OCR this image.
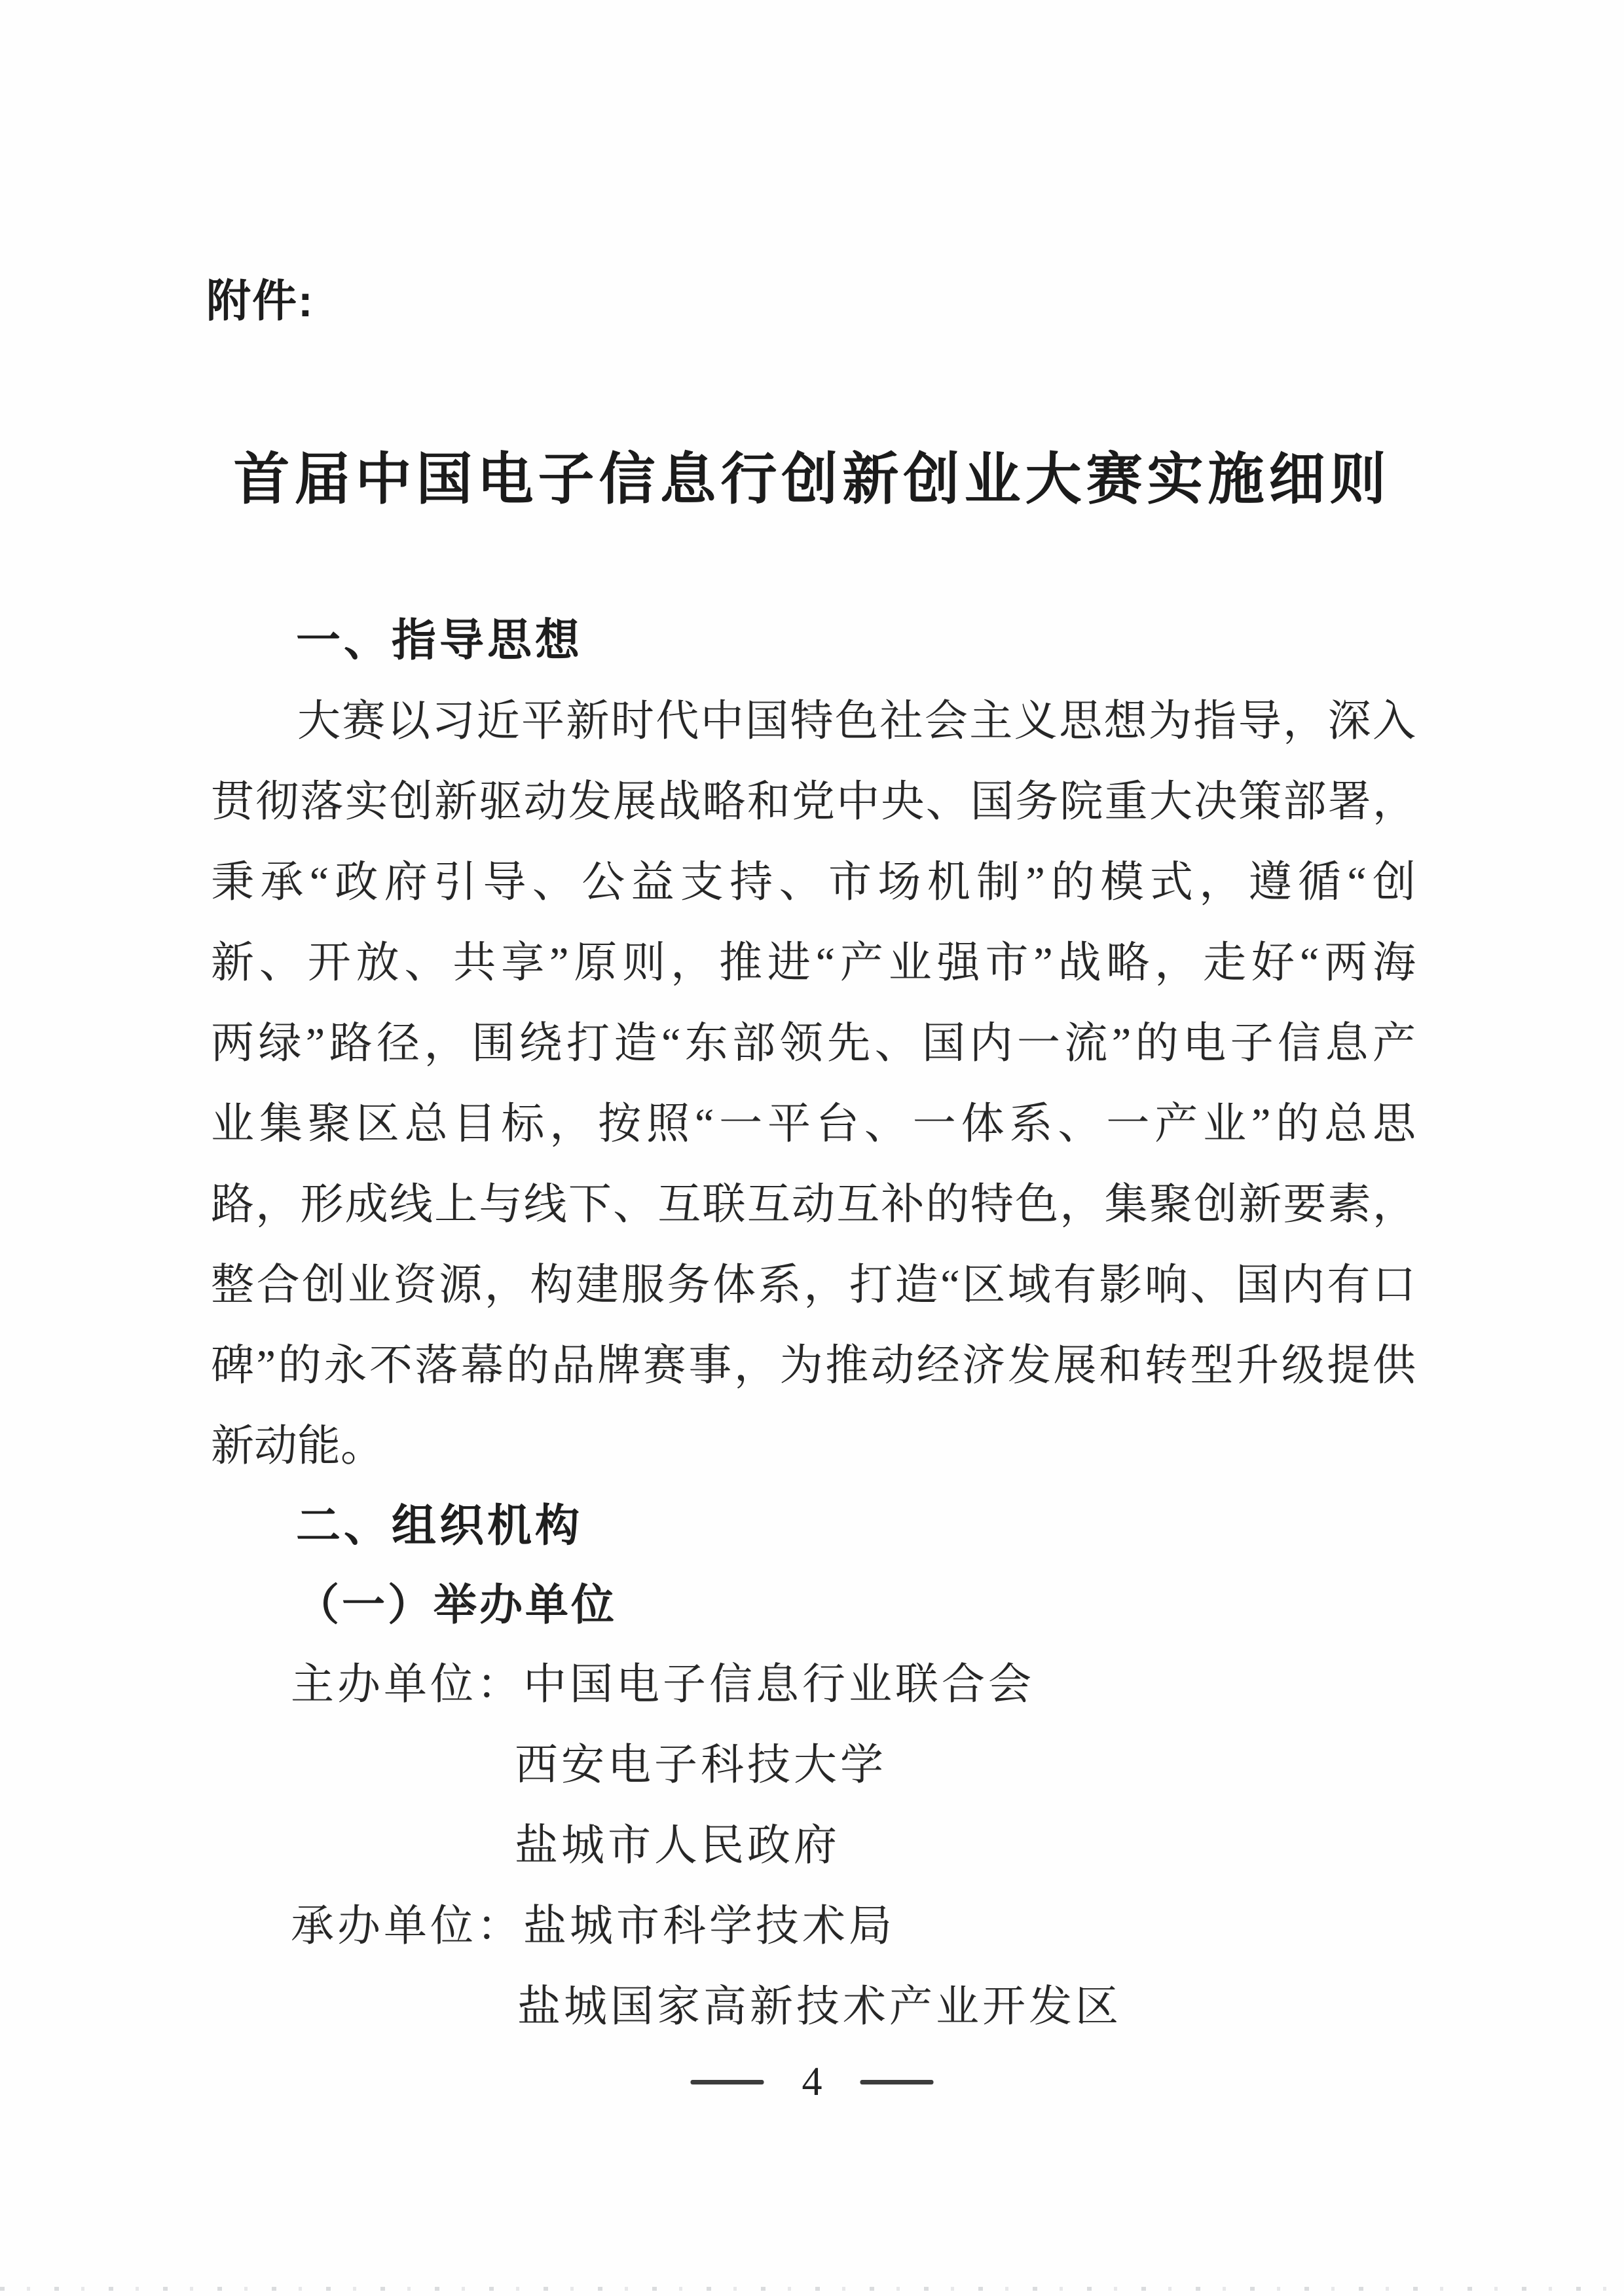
附件:
首届中国电子信息行创新创业大赛实施细则
一、指导思想
大赛以习近平新时代中国特色社会主义思想为指导，深入
贯彻落实创新驱动发展战略和党中央、国务院重大决策部署，
秉承“政府引导、公益支持、市场机制”的模式，遵循“创
新、开放、共享”原则，推进“产业强市”战略，走好“两海
两绿”路径，围绕打造“东部领先、国内一流”的电子信息产
业集聚区总目标，按照“一平台、一体系、一产业”的总思
路，形成线上与线下、互联互动互补的特色，集聚创新要素，
整合创业资源，构建服务体系，打造“区域有影响、国内有口
碑”的永不落幕的品牌赛事，为推动经济发展和转型升级提供
新动能。
二、组织机构
（一）举办单位
主办单位：中国电子信息行业联合会
西安电子科技大学
盐城市人民政府
承办单位：盐城市科学技术局
盐城国家高新技术产业开发区
4
